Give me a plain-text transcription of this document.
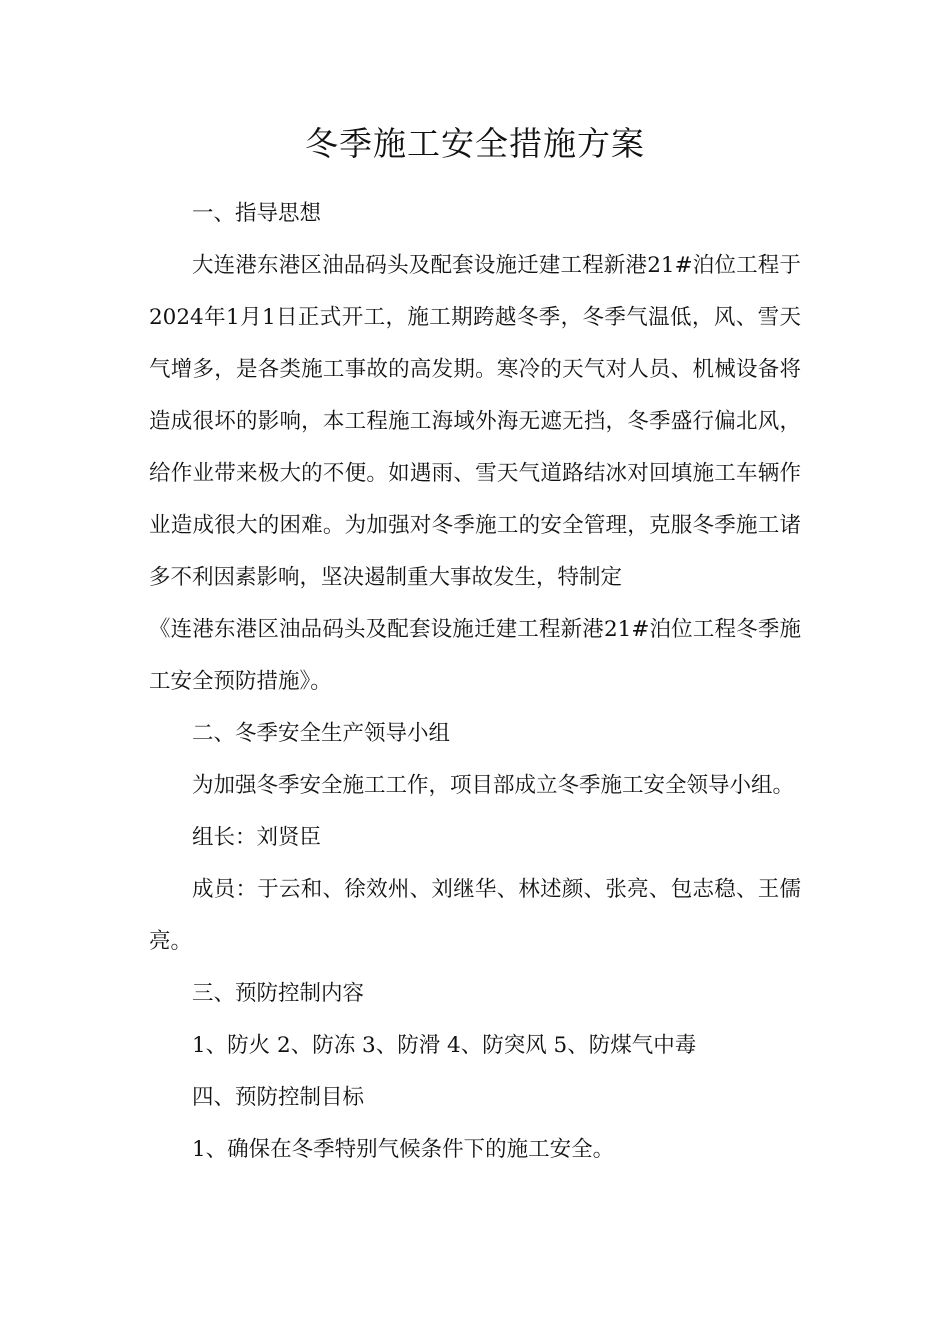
冬季施工安全措施方案

一、指导思想

大连港东港区油品码头及配套设施迁建工程新港21#泊位工程于2024年1月1日正式开工，施工期跨越冬季，冬季气温低，风、雪天气增多，是各类施工事故的高发期。寒冷的天气对人员、机械设备将造成很坏的影响，本工程施工海域外海无遮无挡，冬季盛行偏北风，给作业带来极大的不便。如遇雨、雪天气道路结冰对回填施工车辆作业造成很大的困难。为加强对冬季施工的安全管理，克服冬季施工诸多不利因素影响，坚决遏制重大事故发生，特制定

《连港东港区油品码头及配套设施迁建工程新港21#泊位工程冬季施工安全预防措施》。

二、冬季安全生产领导小组

为加强冬季安全施工工作，项目部成立冬季施工安全领导小组。

组长：刘贤臣

成员：于云和、徐效州、刘继华、林述颜、张亮、包志稳、王儒亮。

三、预防控制内容

1、防火 2、防冻 3、防滑 4、防突风 5、防煤气中毒

四、预防控制目标

1、确保在冬季特别气候条件下的施工安全。
